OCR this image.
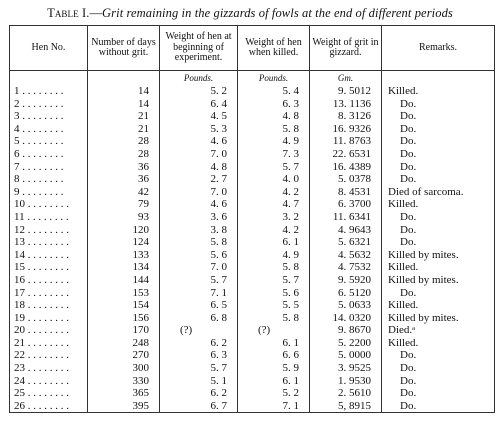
Table I.—Grit remaining in the gizzards of fowls at the end of different periods
Hen No.	Number of days without grit.	Weight of hen at beginning of experiment.	Weight of hen when killed.	Weight of grit in gizzard.	Remarks.
		Pounds.	Pounds.	Gm.	
1 . . . . . . . .	14	5. 2	5. 4	9. 5012	Killed.
2 . . . . . . . .	14	6. 4	6. 3	13. 1136	Do.
3 . . . . . . . .	21	4. 5	4. 8	8. 3126	Do.
4 . . . . . . . .	21	5. 3	5. 8	16. 9326	Do.
5 . . . . . . . .	28	4. 6	4. 9	11. 8763	Do.
6 . . . . . . . .	28	7. 0	7. 3	22. 6531	Do.
7 . . . . . . . .	36	4. 8	5. 7	16. 4389	Do.
8 . . . . . . . .	36	2. 7	4. 0	5. 0378	Do.
9 . . . . . . . .	42	7. 0	4. 2	8. 4531	Died of sarcoma.
10 . . . . . . . .	79	4. 6	4. 7	6. 3700	Killed.
11 . . . . . . . .	93	3. 6	3. 2	11. 6341	Do.
12 . . . . . . . .	120	3. 8	4. 2	4. 9643	Do.
13 . . . . . . . .	124	5. 8	6. 1	5. 6321	Do.
14 . . . . . . . .	133	5. 6	4. 9	4. 5632	Killed by mites.
15 . . . . . . . .	134	7. 0	5. 8	4. 7532	Killed.
16 . . . . . . . .	144	5. 7	5. 7	9. 5920	Killed by mites.
17 . . . . . . . .	153	7. 1	5. 6	6. 5120	Do.
18 . . . . . . . .	154	6. 5	5. 5	5. 0633	Killed.
19 . . . . . . . .	156	6. 8	5. 8	14. 0320	Killed by mites.
20 . . . . . . . .	170	(?)	(?)	9. 8670	Died.ᵃ
21 . . . . . . . .	248	6. 2	6. 1	5. 2200	Killed.
22 . . . . . . . .	270	6. 3	6. 6	5. 0000	Do.
23 . . . . . . . .	300	5. 7	5. 9	3. 9525	Do.
24 . . . . . . . .	330	5. 1	6. 1	1. 9530	Do.
25 . . . . . . . .	365	6. 2	5. 2	2. 5610	Do.
26 . . . . . . . .	395	6. 7	7. 1	5, 8915	Do.
